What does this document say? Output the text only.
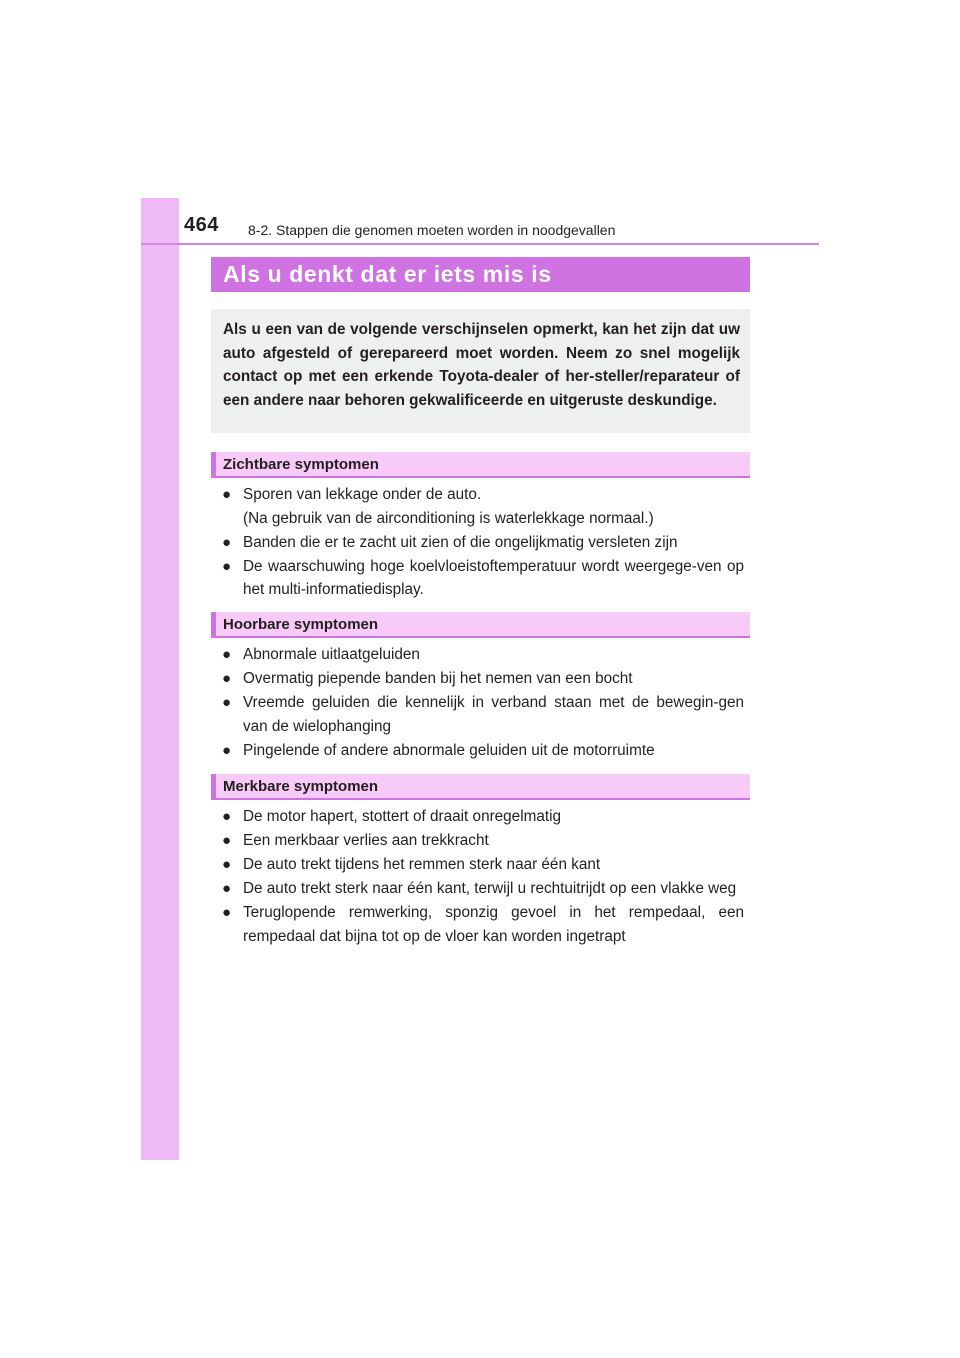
464 8-2. Stappen die genomen moeten worden in noodgevallen
Als u denkt dat er iets mis is

Als u een van de volgende verschijnselen opmerkt, kan het zijn dat uw auto afgesteld of gerepareerd moet worden. Neem zo snel mogelijk contact op met een erkende Toyota-dealer of her-steller/reparateur of een andere naar behoren gekwalificeerde en uitgeruste deskundige.

Zichtbare symptomen
● Sporen van lekkage onder de auto.
(Na gebruik van de airconditioning is waterlekkage normaal.)
● Banden die er te zacht uit zien of die ongelijkmatig versleten zijn
● De waarschuwing hoge koelvloeistoftemperatuur wordt weergege-ven op het multi-informatiedisplay.
Hoorbare symptomen
● Abnormale uitlaatgeluiden
● Overmatig piepende banden bij het nemen van een bocht
● Vreemde geluiden die kennelijk in verband staan met de bewegin-gen van de wielophanging
● Pingelende of andere abnormale geluiden uit de motorruimte
Merkbare symptomen
● De motor hapert, stottert of draait onregelmatig
● Een merkbaar verlies aan trekkracht
● De auto trekt tijdens het remmen sterk naar één kant
● De auto trekt sterk naar één kant, terwijl u rechtuitrijdt op een vlakke weg
● Teruglopende remwerking, sponzig gevoel in het rempedaal, een rempedaal dat bijna tot op de vloer kan worden ingetrapt
